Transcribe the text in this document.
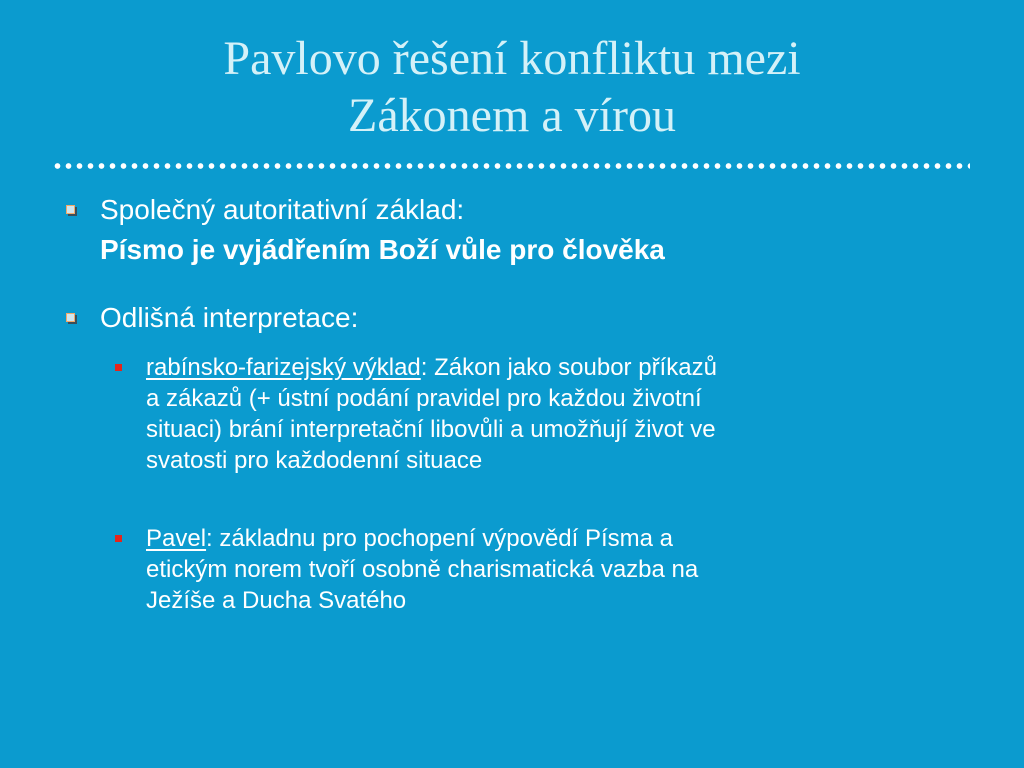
Pavlovo řešení konfliktu mezi
Zákonem a vírou
Společný autoritativní základ:
Písmo je vyjádřením Boží vůle pro člověka
Odlišná interpretace:
rabínsko-farizejský výklad: Zákon jako soubor příkazů
a zákazů (+ ústní podání pravidel pro každou životní
situaci) brání interpretační libovůli a umožňují život ve
svatosti pro každodenní situace
Pavel: základnu pro pochopení výpovědí Písma a
etickým norem tvoří osobně charismatická vazba na
Ježíše a Ducha Svatého
